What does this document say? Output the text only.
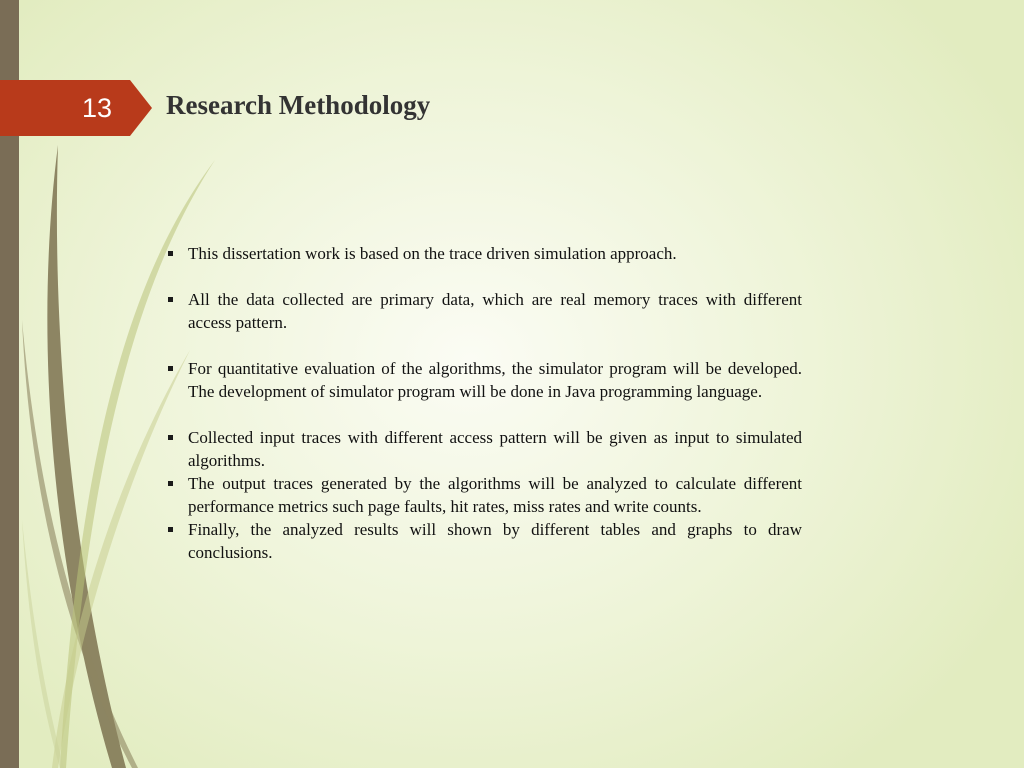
13	Research Methodology
This dissertation work is based on the trace driven simulation approach.
All the data collected are primary data, which are real memory traces with different access pattern.
For quantitative evaluation of the algorithms, the simulator program will be developed. The development of simulator program will be done in Java programming language.
Collected input traces with different access pattern will be given as input to simulated algorithms.
The output traces generated by the algorithms will be analyzed to calculate different performance metrics such page faults, hit rates, miss rates and write counts.
Finally, the analyzed results will shown by different tables and graphs to draw conclusions.
